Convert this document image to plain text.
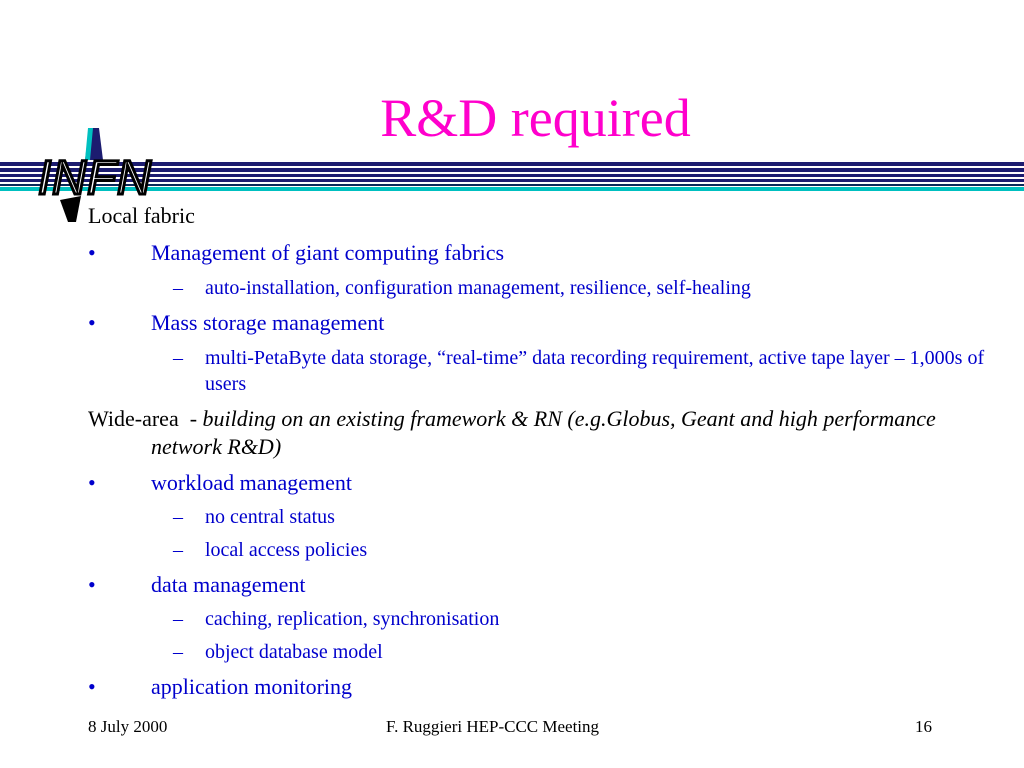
R&D required
INFN

Local fabric

•	Management of giant computing fabrics

– auto-installation, configuration management, resilience, self-healing

•	Mass storage management

– multi-PetaByte data storage, “real-time” data recording requirement, active tape layer – 1,000s of users

Wide-area - building on an existing framework & RN (e.g.Globus, Geant and high performance network R&D)

•	workload management

– no central status

– local access policies

•	data management

– caching, replication, synchronisation

– object database model

•	application monitoring

8 July 2000	F. Ruggieri HEP-CCC Meeting	16
